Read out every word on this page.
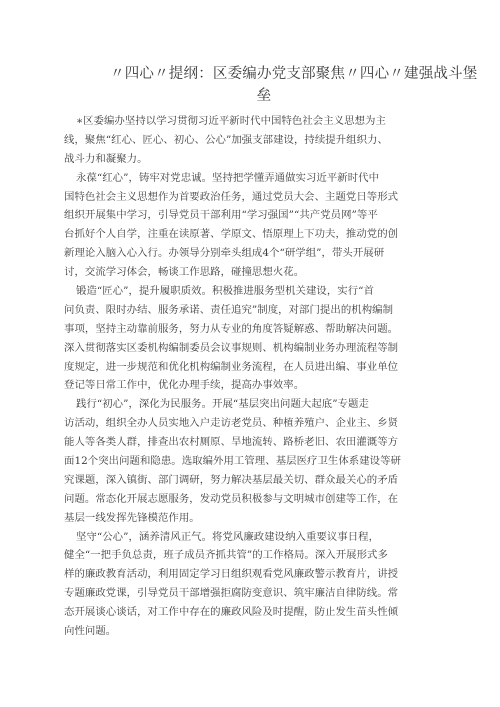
〃四心〃提纲：区委编办党支部聚焦〃四心〃建强战斗堡
垒
∗区委编办坚持以学习贯彻习近平新时代中国特色社会主义思想为主
线，聚焦“红心、匠心、初心、公心”加强支部建设，持续提升组织力、
战斗力和凝聚力。
永葆“红心”，铸牢对党忠诚。坚持把学懂弄通做实习近平新时代中
国特色社会主义思想作为首要政治任务，通过党员大会、主题党日等形式
组织开展集中学习，引导党员干部利用“学习强国”“共产党员网”等平
台抓好个人自学，注重在读原著、学原文、悟原理上下功夫，推动党的创
新理论入脑入心入行。办领导分别牵头组成4个“研学组”，带头开展研
讨，交流学习体会，畅谈工作思路，碰撞思想火花。
锻造“匠心”，提升履职质效。积极推进服务型机关建设，实行“首
问负责、限时办结、服务承诺、责任追究”制度，对部门提出的机构编制
事项，坚持主动靠前服务，努力从专业的角度答疑解惑、帮助解决问题。
深入贯彻落实区委机构编制委员会议事规则、机构编制业务办理流程等制
度规定，进一步规范和优化机构编制业务流程，在人员进出编、事业单位
登记等日常工作中，优化办理手续，提高办事效率。
践行“初心”，深化为民服务。开展“基层突出问题大起底”专题走
访活动，组织全办人员实地入户走访老党员、种植养殖户、企业主、乡贤
能人等各类人群，排查出农村厕原、旱地流转、路桥老旧、农田灌溉等方
面12个突出问题和隐患。选取编外用工管理、基层医疗卫生体系建设等研
究课题，深入镇街、部门调研，努力解决基层最关切、群众最关心的矛盾
问题。常态化开展志愿服务，发动党员积极参与文明城市创建等工作，在
基层一线发挥先锋模范作用。
坚守“公心”，涵养清风正气。将党风廉政建设纳入重要议事日程，
健全“一把手负总责，班子成员齐抓共管”的工作格局。深入开展形式多
样的廉政教育活动，利用固定学习日组织观看党风廉政警示教育片，讲授
专题廉政党课，引导党员干部增强拒腐防变意识、筑牢廉洁自律防线。常
态开展谈心谈话，对工作中存在的廉政风险及时提醒，防止发生苗头性倾
向性问题。
